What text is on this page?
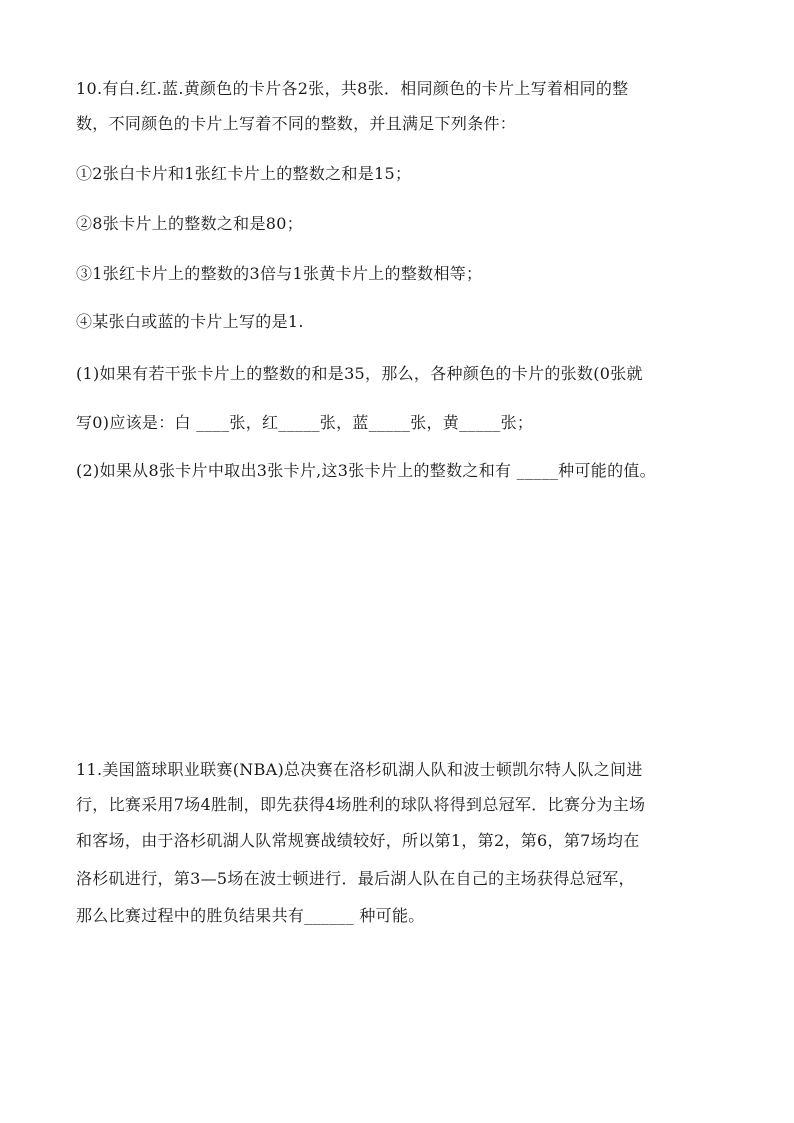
10.有白.红.蓝.黄颜色的卡片各2张，共8张．相同颜色的卡片上写着相同的整
数，不同颜色的卡片上写着不同的整数，并且满足下列条件：
①2张白卡片和1张红卡片上的整数之和是15；
②8张卡片上的整数之和是80；
③1张红卡片上的整数的3倍与1张黄卡片上的整数相等；
④某张白或蓝的卡片上写的是1.
(1)如果有若干张卡片上的整数的和是35，那么，各种颜色的卡片的张数(0张就
写0)应该是：白 ____张，红_____张，蓝_____张，黄_____张；
(2)如果从8张卡片中取出3张卡片,这3张卡片上的整数之和有 _____种可能的值。
11.美国篮球职业联赛(NBA)总决赛在洛杉矶湖人队和波士顿凯尔特人队之间进
行，比赛采用7场4胜制，即先获得4场胜利的球队将得到总冠军．比赛分为主场
和客场，由于洛杉矶湖人队常规赛战绩较好，所以第1，第2，第6，第7场均在
洛杉矶进行，第3—5场在波士顿进行．最后湖人队在自己的主场获得总冠军，
那么比赛过程中的胜负结果共有______ 种可能。
